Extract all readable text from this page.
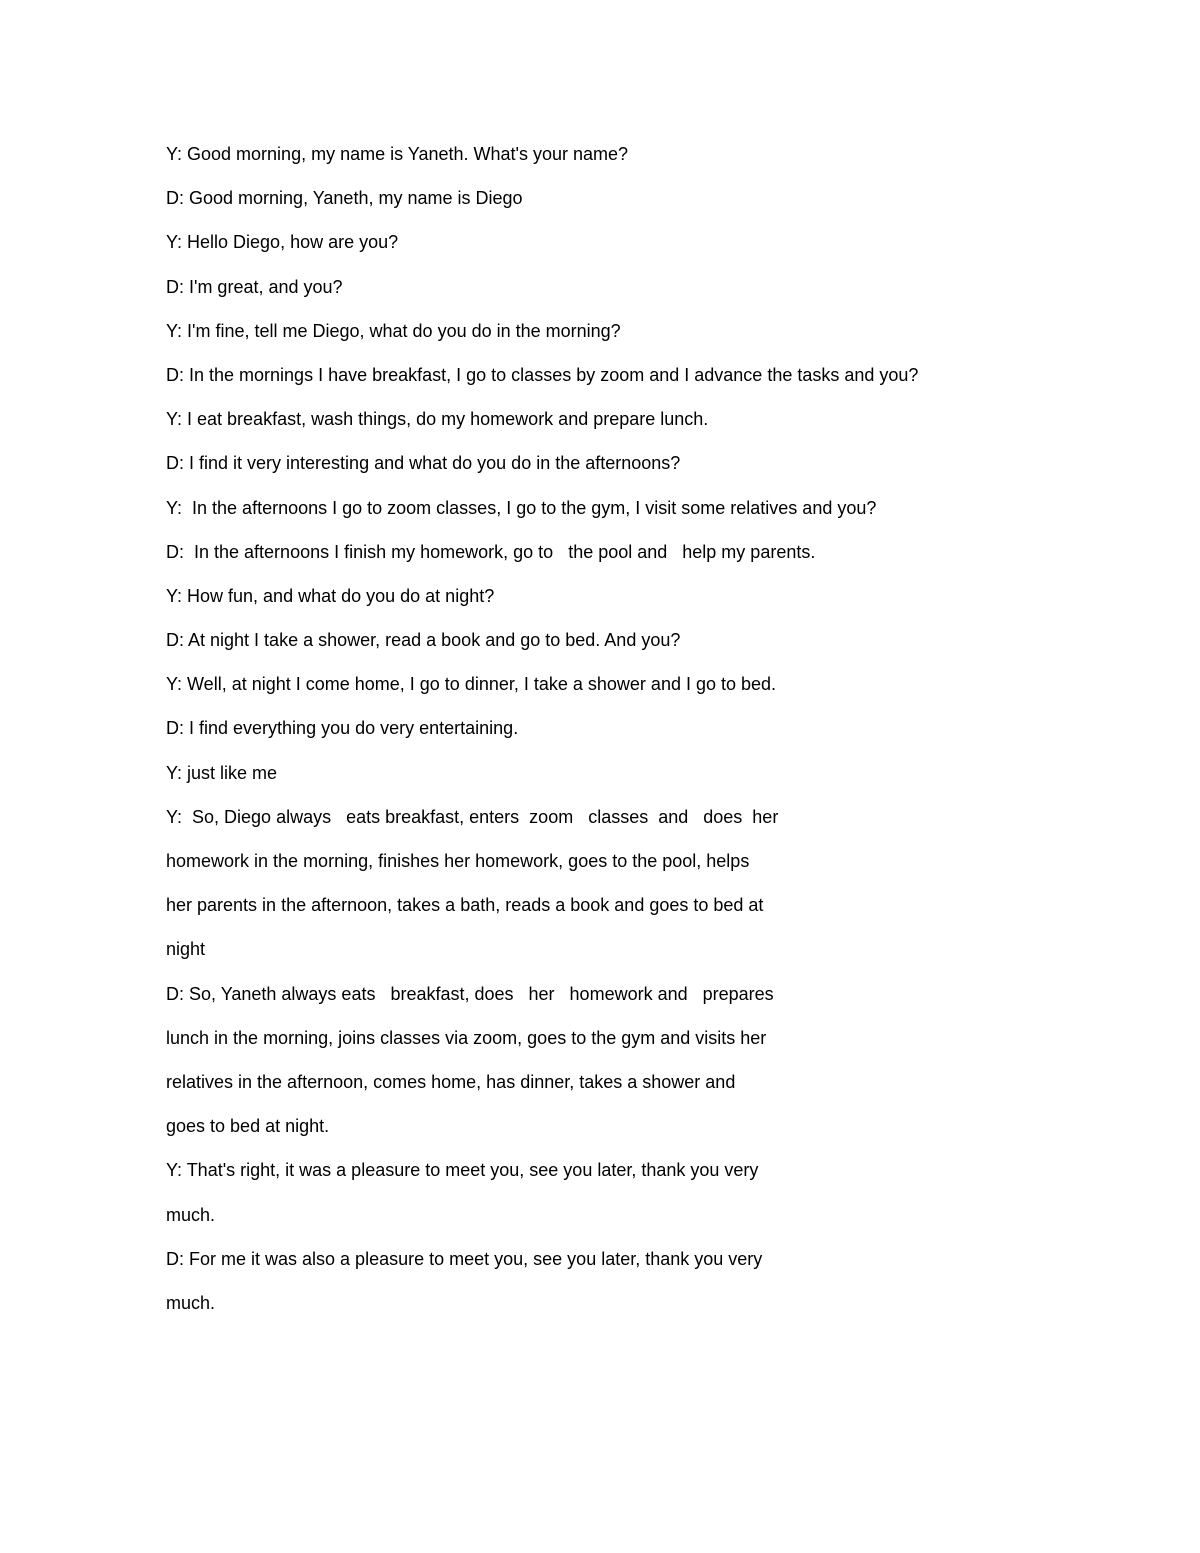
Y: Good morning, my name is Yaneth. What's your name?

D: Good morning, Yaneth, my name is Diego

Y: Hello Diego, how are you?

D: I'm great, and you?

Y: I'm fine, tell me Diego, what do you do in the morning?

D: In the mornings I have breakfast, I go to classes by zoom and I advance the tasks and you?

Y: I eat breakfast, wash things, do my homework and prepare lunch.

D: I find it very interesting and what do you do in the afternoons?

Y:  In the afternoons I go to zoom classes, I go to the gym, I visit some relatives and you?

D:  In the afternoons I finish my homework, go to   the pool and   help my parents.

Y: How fun, and what do you do at night?

D: At night I take a shower, read a book and go to bed. And you?

Y: Well, at night I come home, I go to dinner, I take a shower and I go to bed.

D: I find everything you do very entertaining.

Y: just like me

Y:  So, Diego always   eats breakfast, enters  zoom   classes  and   does  her

homework in the morning, finishes her homework, goes to the pool, helps

her parents in the afternoon, takes a bath, reads a book and goes to bed at

night

D: So, Yaneth always eats   breakfast, does   her   homework and   prepares

lunch in the morning, joins classes via zoom, goes to the gym and visits her

relatives in the afternoon, comes home, has dinner, takes a shower and

goes to bed at night.

Y: That's right, it was a pleasure to meet you, see you later, thank you very

much.

D: For me it was also a pleasure to meet you, see you later, thank you very

much.
